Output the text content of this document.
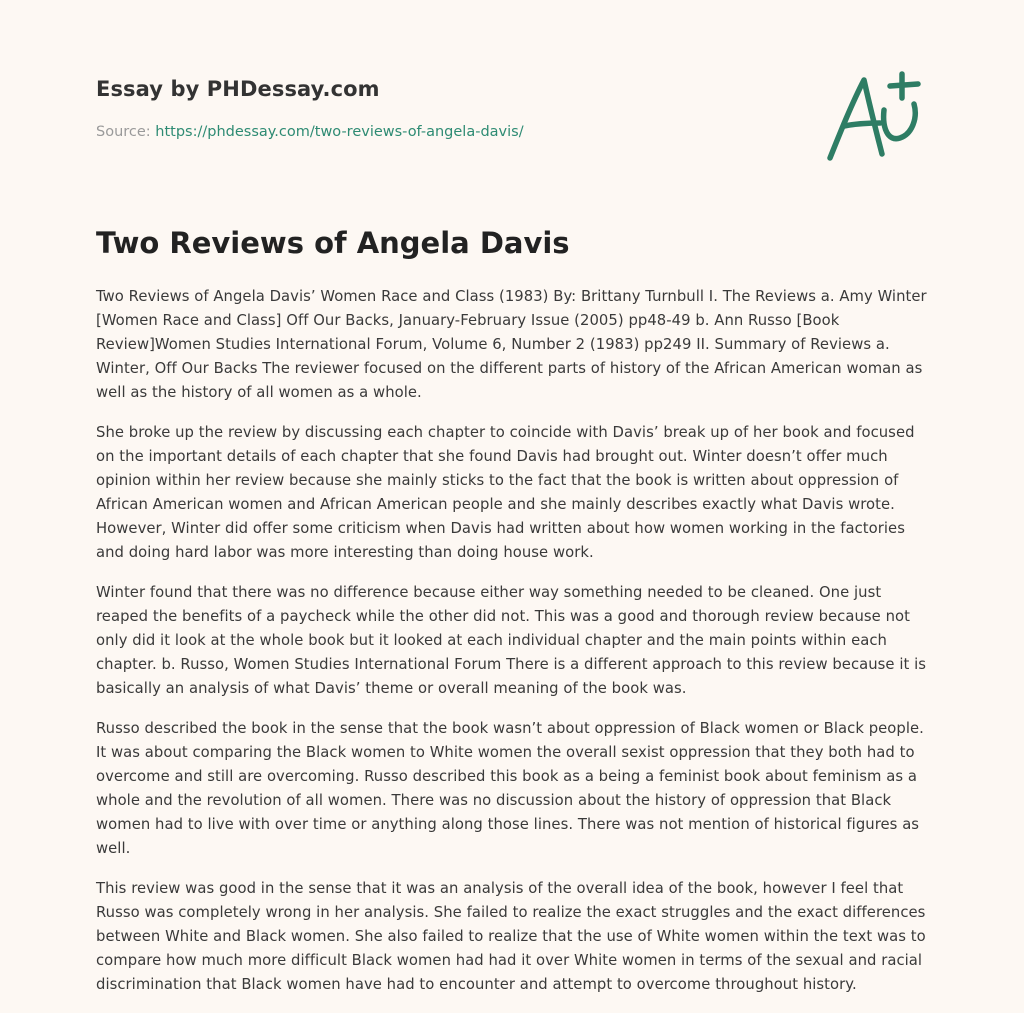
Essay by PHDessay.com
Source: https://phdessay.com/two-reviews-of-angela-davis/
Two Reviews of Angela Davis

Two Reviews of Angela Davis’ Women Race and Class (1983) By: Brittany Turnbull I. The Reviews a. Amy Winter [Women Race and Class] Off Our Backs, January-February Issue (2005) pp48-49 b. Ann Russo [Book Review]Women Studies International Forum, Volume 6, Number 2 (1983) pp249 II. Summary of Reviews a. Winter, Off Our Backs The reviewer focused on the different parts of history of the African American woman as well as the history of all women as a whole.

She broke up the review by discussing each chapter to coincide with Davis’ break up of her book and focused on the important details of each chapter that she found Davis had brought out. Winter doesn’t offer much opinion within her review because she mainly sticks to the fact that the book is written about oppression of African American women and African American people and she mainly describes exactly what Davis wrote. However, Winter did offer some criticism when Davis had written about how women working in the factories and doing hard labor was more interesting than doing house work.

Winter found that there was no difference because either way something needed to be cleaned. One just reaped the benefits of a paycheck while the other did not. This was a good and thorough review because not only did it look at the whole book but it looked at each individual chapter and the main points within each chapter. b. Russo, Women Studies International Forum There is a different approach to this review because it is basically an analysis of what Davis’ theme or overall meaning of the book was.

Russo described the book in the sense that the book wasn’t about oppression of Black women or Black people. It was about comparing the Black women to White women the overall sexist oppression that they both had to overcome and still are overcoming. Russo described this book as a being a feminist book about feminism as a whole and the revolution of all women. There was no discussion about the history of oppression that Black women had to live with over time or anything along those lines. There was not mention of historical figures as well.

This review was good in the sense that it was an analysis of the overall idea of the book, however I feel that Russo was completely wrong in her analysis. She failed to realize the exact struggles and the exact differences between White and Black women. She also failed to realize that the use of White women within the text was to compare how much more difficult Black women had had it over White women in terms of the sexual and racial discrimination that Black women have had to encounter and attempt to overcome throughout history.
